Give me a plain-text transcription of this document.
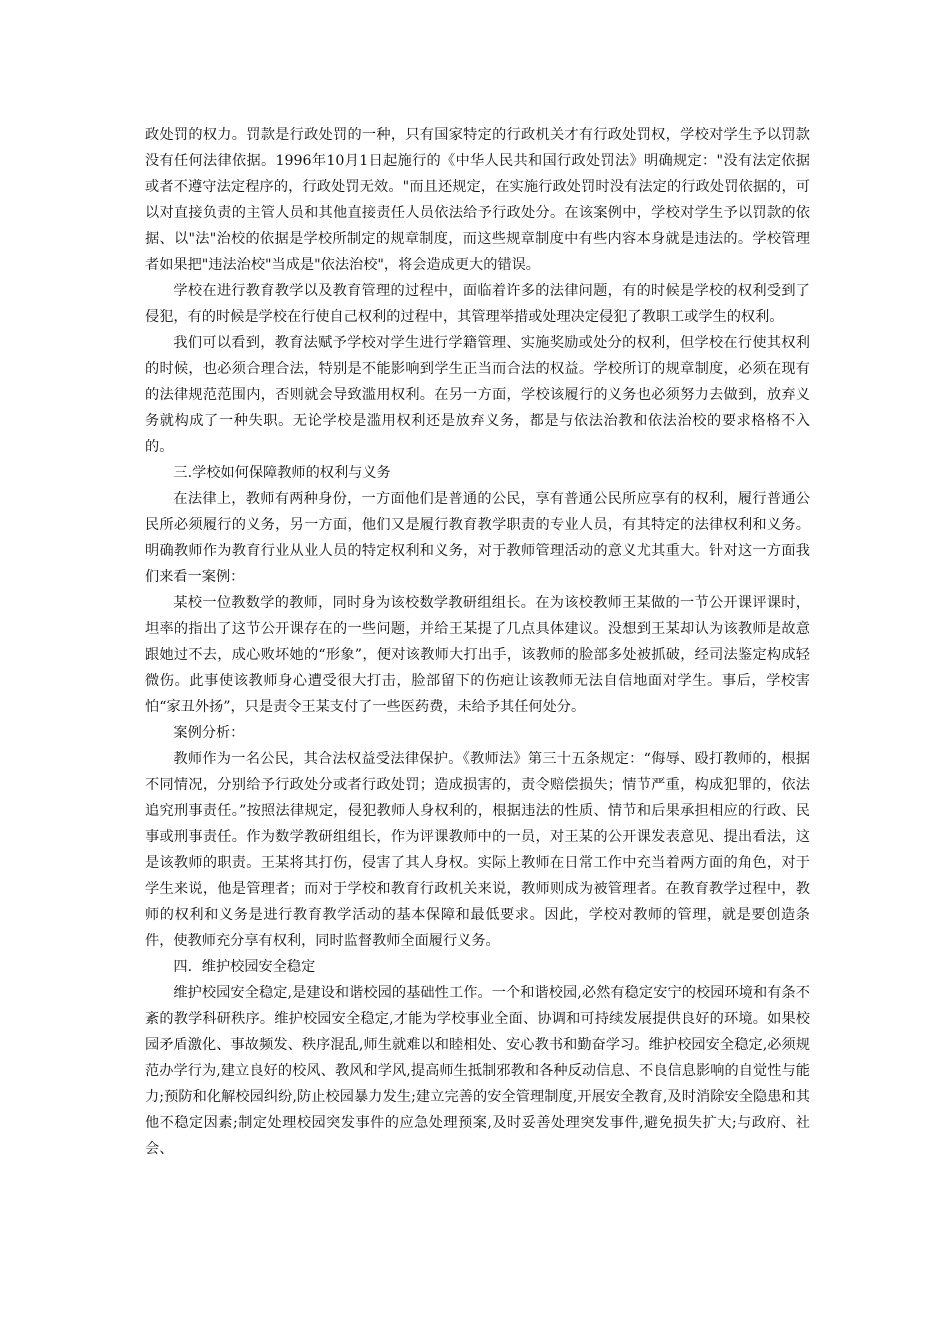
政处罚的权力。罚款是行政处罚的一种，只有国家特定的行政机关才有行政处罚权，学校对学生予以罚款没有任何法律依据。1996年10月1日起施行的《中华人民共和国行政处罚法》明确规定："没有法定依据或者不遵守法定程序的，行政处罚无效。"而且还规定，在实施行政处罚时没有法定的行政处罚依据的，可以对直接负责的主管人员和其他直接责任人员依法给予行政处分。在该案例中，学校对学生予以罚款的依据、以"法"治校的依据是学校所制定的规章制度，而这些规章制度中有些内容本身就是违法的。学校管理者如果把"违法治校"当成是"依法治校"，将会造成更大的错误。

学校在进行教育教学以及教育管理的过程中，面临着许多的法律问题，有的时候是学校的权利受到了侵犯，有的时候是学校在行使自己权利的过程中，其管理举措或处理决定侵犯了教职工或学生的权利。

我们可以看到，教育法赋予学校对学生进行学籍管理、实施奖励或处分的权利，但学校在行使其权利的时候，也必须合理合法，特别是不能影响到学生正当而合法的权益。学校所订的规章制度，必须在现有的法律规范范围内，否则就会导致滥用权利。在另一方面，学校该履行的义务也必须努力去做到，放弃义务就构成了一种失职。无论学校是滥用权利还是放弃义务，都是与依法治教和依法治校的要求格格不入的。

三.学校如何保障教师的权利与义务

在法律上，教师有两种身份，一方面他们是普通的公民，享有普通公民所应享有的权利，履行普通公民所必须履行的义务，另一方面，他们又是履行教育教学职责的专业人员，有其特定的法律权利和义务。明确教师作为教育行业从业人员的特定权利和义务，对于教师管理活动的意义尤其重大。针对这一方面我们来看一案例：

某校一位教数学的教师，同时身为该校数学教研组组长。在为该校教师王某做的一节公开课评课时，坦率的指出了这节公开课存在的一些问题，并给王某提了几点具体建议。没想到王某却认为该教师是故意跟她过不去，成心败坏她的“形象”，便对该教师大打出手，该教师的脸部多处被抓破，经司法鉴定构成轻微伤。此事使该教师身心遭受很大打击，脸部留下的伤疤让该教师无法自信地面对学生。事后，学校害怕“家丑外扬”，只是责令王某支付了一些医药费，未给予其任何处分。

案例分析：

教师作为一名公民，其合法权益受法律保护。《教师法》第三十五条规定：“侮辱、殴打教师的，根据不同情况，分别给予行政处分或者行政处罚；造成损害的，责令赔偿损失；情节严重，构成犯罪的，依法追究刑事责任。”按照法律规定，侵犯教师人身权利的，根据违法的性质、情节和后果承担相应的行政、民事或刑事责任。作为数学教研组组长，作为评课教师中的一员，对王某的公开课发表意见、提出看法，这是该教师的职责。王某将其打伤，侵害了其人身权。实际上教师在日常工作中充当着两方面的角色，对于学生来说，他是管理者；而对于学校和教育行政机关来说，教师则成为被管理者。在教育教学过程中，教师的权利和义务是进行教育教学活动的基本保障和最低要求。因此，学校对教师的管理，就是要创造条件，使教师充分享有权利，同时监督教师全面履行义务。

四．维护校园安全稳定

维护校园安全稳定,是建设和谐校园的基础性工作。一个和谐校园,必然有稳定安宁的校园环境和有条不紊的教学科研秩序。维护校园安全稳定,才能为学校事业全面、协调和可持续发展提供良好的环境。如果校园矛盾激化、事故频发、秩序混乱,师生就难以和睦相处、安心教书和勤奋学习。维护校园安全稳定,必须规范办学行为,建立良好的校风、教风和学风,提高师生抵制邪教和各种反动信息、不良信息影响的自觉性与能力;预防和化解校园纠纷,防止校园暴力发生;建立完善的安全管理制度,开展安全教育,及时消除安全隐患和其他不稳定因素;制定处理校园突发事件的应急处理预案,及时妥善处理突发事件,避免损失扩大;与政府、社会、
